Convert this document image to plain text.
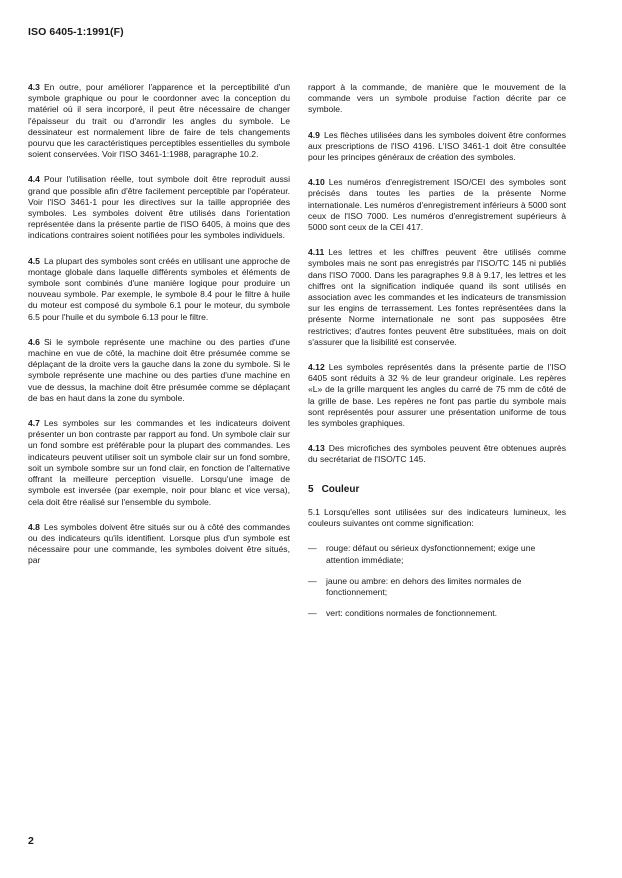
ISO 6405-1:1991(F)

4.3 En outre, pour améliorer l'apparence et la perceptibilité d'un symbole graphique ou pour le coordonner avec la conception du matériel où il sera incorporé, il peut être nécessaire de changer l'épaisseur du trait ou d'arrondir les angles du symbole. Le dessinateur est normalement libre de faire de tels changements pourvu que les caractéristiques perceptibles essentielles du symbole soient conservées. Voir l'ISO 3461-1:1988, paragraphe 10.2.

4.4 Pour l'utilisation réelle, tout symbole doit être reproduit aussi grand que possible afin d'être facilement perceptible par l'opérateur. Voir l'ISO 3461-1 pour les directives sur la taille appropriée des symboles. Les symboles doivent être utilisés dans l'orientation représentée dans la présente partie de l'ISO 6405, à moins que des indications contraires soient notifiées pour les symboles individuels.

4.5 La plupart des symboles sont créés en utilisant une approche de montage globale dans laquelle différents symboles et éléments de symbole sont combinés d'une manière logique pour produire un nouveau symbole. Par exemple, le symbole 8.4 pour le filtre à huile du moteur est composé du symbole 6.1 pour le moteur, du symbole 6.5 pour l'huile et du symbole 6.13 pour le filtre.

4.6 Si le symbole représente une machine ou des parties d'une machine en vue de côté, la machine doit être présumée comme se déplaçant de la droite vers la gauche dans la zone du symbole. Si le symbole représente une machine ou des parties d'une machine en vue de dessus, la machine doit être présumée comme se déplaçant de bas en haut dans la zone du symbole.

4.7 Les symboles sur les commandes et les indicateurs doivent présenter un bon contraste par rapport au fond. Un symbole clair sur un fond sombre est préférable pour la plupart des commandes. Les indicateurs peuvent utiliser soit un symbole clair sur un fond sombre, soit un symbole sombre sur un fond clair, en fonction de l'alternative offrant la meilleure perception visuelle. Lorsqu'une image de symbole est inversée (par exemple, noir pour blanc et vice versa), cela doit être réalisé sur l'ensemble du symbole.

4.8 Les symboles doivent être situés sur ou à côté des commandes ou des indicateurs qu'ils identifient. Lorsque plus d'un symbole est nécessaire pour une commande, les symboles doivent être situés, par

rapport à la commande, de manière que le mouvement de la commande vers un symbole produise l'action décrite par ce symbole.

4.9 Les flèches utilisées dans les symboles doivent être conformes aux prescriptions de l'ISO 4196. L'ISO 3461-1 doit être consultée pour les principes généraux de création des symboles.

4.10 Les numéros d'enregistrement ISO/CEI des symboles sont précisés dans toutes les parties de la présente Norme internationale. Les numéros d'enregistrement inférieurs à 5000 sont ceux de l'ISO 7000. Les numéros d'enregistrement supérieurs à 5000 sont ceux de la CEI 417.

4.11 Les lettres et les chiffres peuvent être utilisés comme symboles mais ne sont pas enregistrés par l'ISO/TC 145 ni publiés dans l'ISO 7000. Dans les paragraphes 9.8 à 9.17, les lettres et les chiffres ont la signification indiquée quand ils sont utilisés en association avec les commandes et les indicateurs de transmission sur les engins de terrassement. Les fontes représentées dans la présente Norme internationale ne sont pas supposées être restrictives; d'autres fontes peuvent être substituées, mais on doit s'assurer que la lisibilité est conservée.

4.12 Les symboles représentés dans la présente partie de l'ISO 6405 sont réduits à 32 % de leur grandeur originale. Les repères «L» de la grille marquent les angles du carré de 75 mm de côté de la grille de base. Les repères ne font pas partie du symbole mais sont représentés pour assurer une présentation uniforme de tous les symboles graphiques.

4.13 Des microfiches des symboles peuvent être obtenues auprès du secrétariat de l'ISO/TC 145.

5 Couleur

5.1 Lorsqu'elles sont utilisées sur des indicateurs lumineux, les couleurs suivantes ont comme signification:

—	rouge: défaut ou sérieux dysfonctionnement; exige une attention immédiate;
—	jaune ou ambre: en dehors des limites normales de fonctionnement;
—	vert: conditions normales de fonctionnement.
2
